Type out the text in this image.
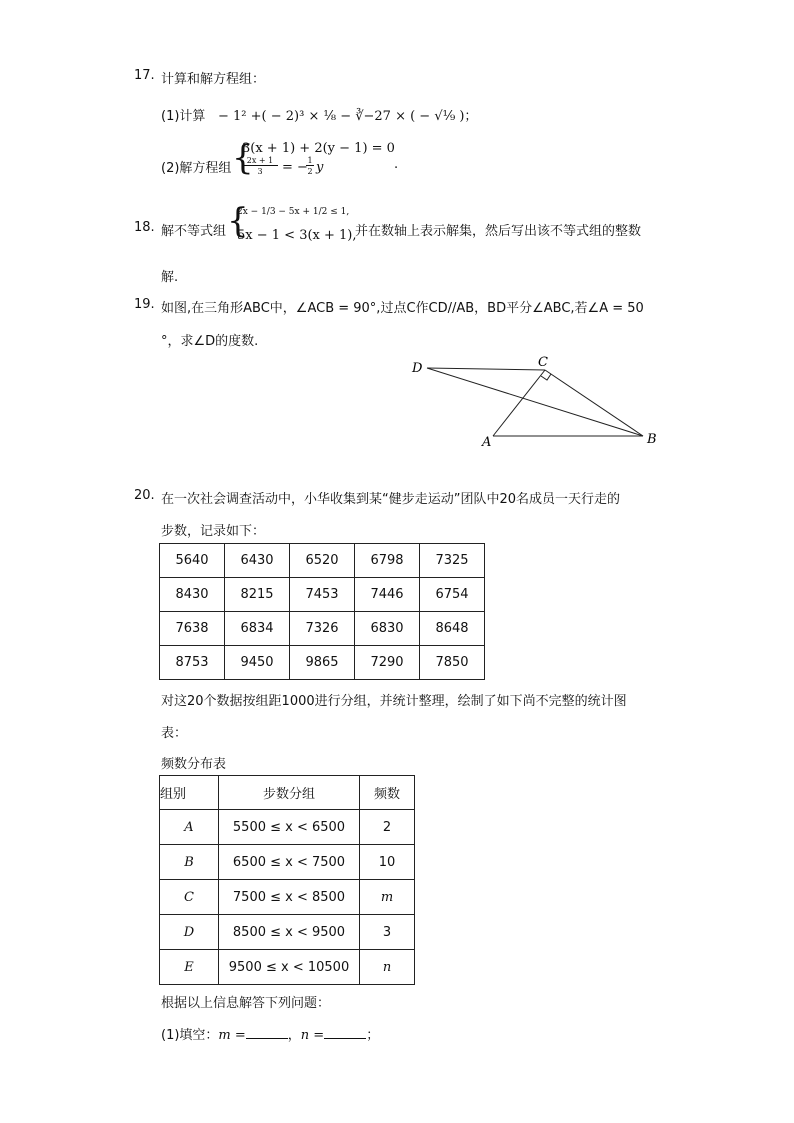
17. 计算和解方程组：
(1)计算 − 1² +( − 2)³ × ⅛ − ∛−27 × ( − √⅑ )；
(2)解方程组 {
3(x + 1) + 2(y − 1) = 0
2x + 1
3	= − 1
2 y	.
18. 解不等式组 {
2x − 1/3 − 5x + 1/2 ≤ 1,
5x − 1 < 3(x + 1),
并在数轴上表示解集，然后写出该不等式组的整数
解.
19. 如图,在三角形ABC中，∠ACB = 90°,过点C作CD//AB，BD平分∠ABC,若∠A = 50
°，求∠D的度数.
D	C
A	B
20. 在一次社会调查活动中，小华收集到某“健步走运动”团队中20名成员一天行走的
步数，记录如下：
5640	6430	6520	6798	7325
8430	8215	7453	7446	6754
7638	6834	7326	6830	8648
8753	9450	9865	7290	7850
对这20个数据按组距1000进行分组，并统计整理，绘制了如下尚不完整的统计图
表：
频数分布表
组别	步数分组	频数
A	5500 ≤ x < 6500	2
B	6500 ≤ x < 7500	10
C	7500 ≤ x < 8500	m
D	8500 ≤ x < 9500	3
E	9500 ≤ x < 10500	n
根据以上信息解答下列问题：
(1)填空：m =	，n =	；
